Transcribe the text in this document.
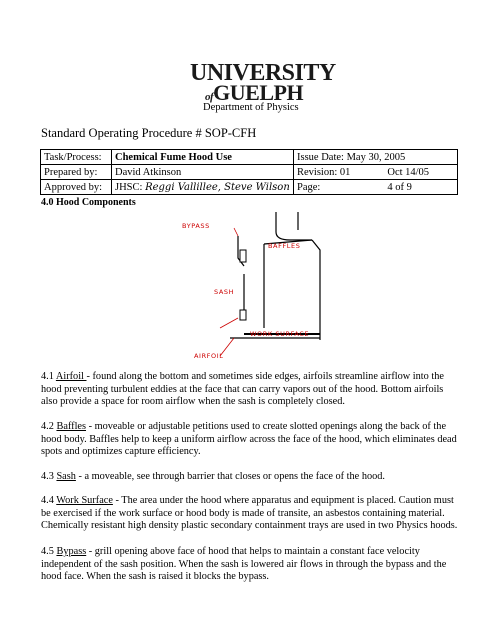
UNIVERSITY
ofGUELPH
Department of Physics
Standard Operating Procedure # SOP-CFH
Task/Process:	Chemical Fume Hood Use	Issue Date: May 30, 2005	
Prepared by:	David Atkinson	Revision: 01	Oct 14/05
Approved by:	JHSC: Reggi Vallillee, Steve Wilson	Page:	4 of 9
4.0 Hood Components
BYPASS
BAFFLES
SASH
WORK SURFACE
AIRFOIL
4.1 Airfoil - found along the bottom and sometimes side edges, airfoils streamline airflow into the hood preventing turbulent eddies at the face that can carry vapors out of the hood. Bottom airfoils also provide a space for room airflow when the sash is completely closed.
4.2 Baffles - moveable or adjustable petitions used to create slotted openings along the back of the hood body. Baffles help to keep a uniform airflow across the face of the hood, which eliminates dead spots and optimizes capture efficiency.
4.3 Sash - a moveable, see through barrier that closes or opens the face of the hood.
4.4 Work Surface - The area under the hood where apparatus and equipment is placed. Caution must be exercised if the work surface or hood body is made of transite, an asbestos containing material. Chemically resistant high density plastic secondary containment trays are used in two Physics hoods.
4.5 Bypass - grill opening above face of hood that helps to maintain a constant face velocity independent of the sash position. When the sash is lowered air flows in through the bypass and the hood face. When the sash is raised it blocks the bypass.
